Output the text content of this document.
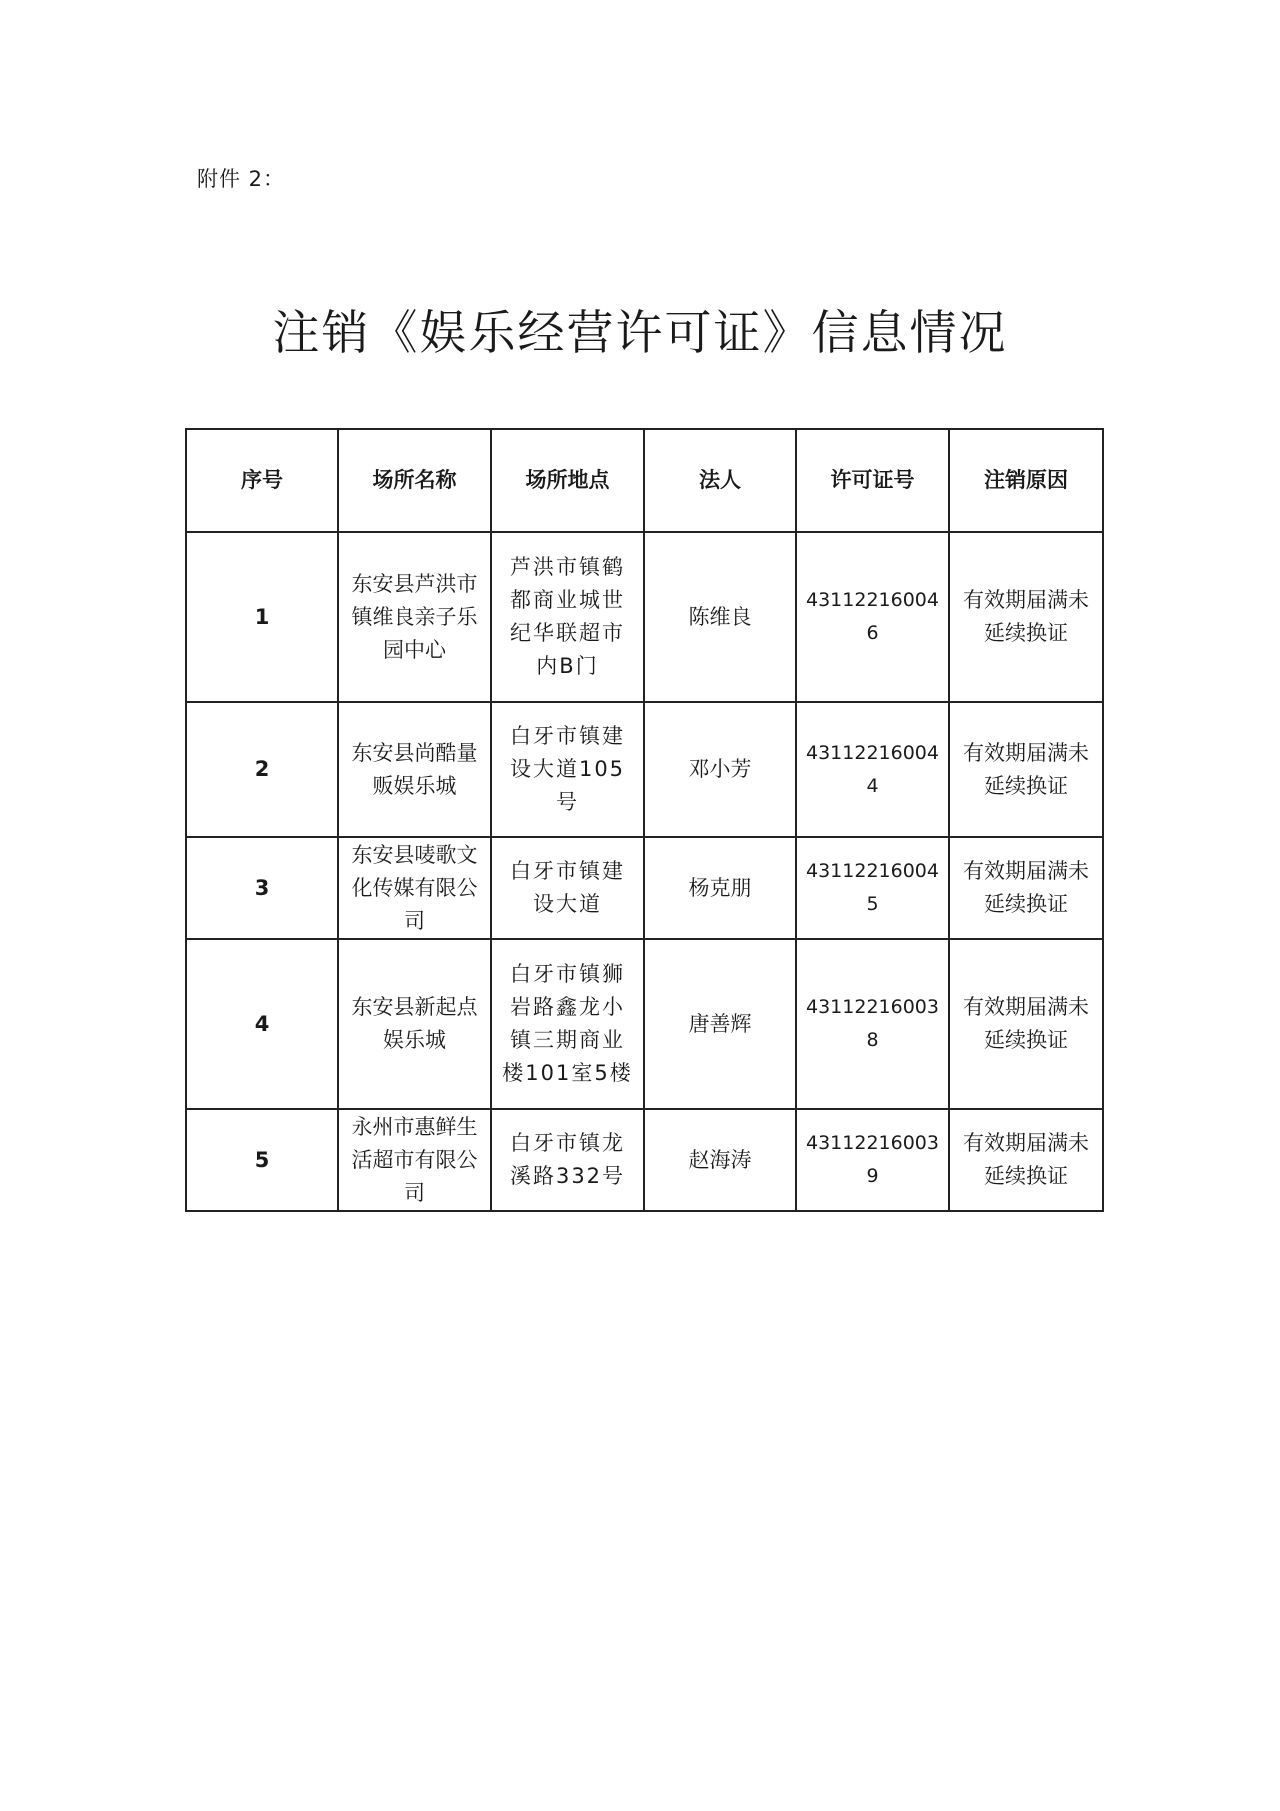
附件 2：
注销《娱乐经营许可证》信息情况
序号	场所名称	场所地点	法人	许可证号	注销原因
1	东安县芦洪市镇维良亲子乐园中心	芦洪市镇鹤都商业城世纪华联超市内B门	陈维良	431122160046	有效期届满未延续换证
2	东安县尚酷量贩娱乐城	白牙市镇建设大道105号	邓小芳	431122160044	有效期届满未延续换证
3	东安县唛歌文化传媒有限公司	白牙市镇建设大道	杨克朋	431122160045	有效期届满未延续换证
4	东安县新起点娱乐城	白牙市镇狮岩路鑫龙小镇三期商业楼101室5楼	唐善辉	431122160038	有效期届满未延续换证
5	永州市惠鲜生活超市有限公司	白牙市镇龙溪路332号	赵海涛	431122160039	有效期届满未延续换证
